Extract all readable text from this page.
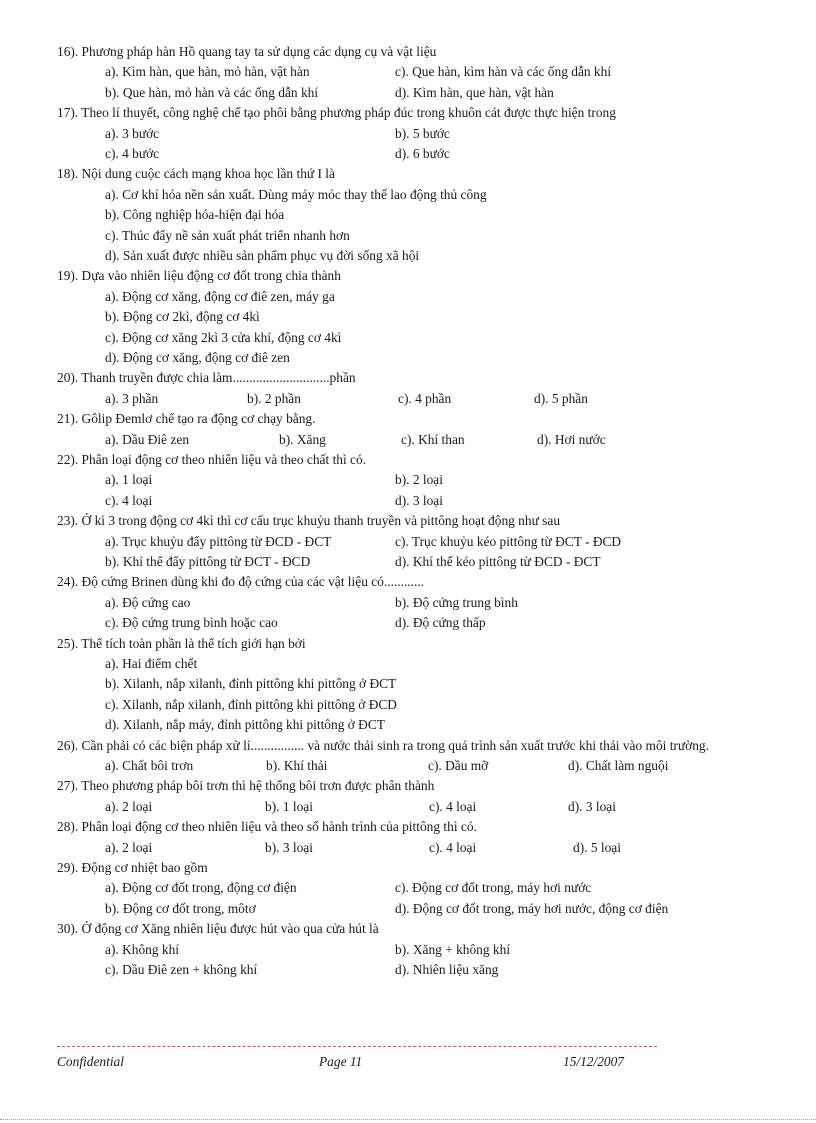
16). Phương pháp hàn Hồ quang tay ta sử dụng các dụng cụ và vật liệu

a). Kìm hàn, que hàn, mỏ hàn, vật hàn	c). Que hàn, kìm hàn và các ống dẫn khí
b). Que hàn, mỏ hàn và các ống dẫn khí	d). Kìm hàn, que hàn, vật hàn

17). Theo lí thuyết, công nghệ chế tạo phôi bằng phương pháp đúc trong khuôn cát được thực hiện trong

a). 3 bước	b). 5 bước
c). 4 bước	d). 6 bước

18). Nội dung cuộc cách mạng khoa học lần thứ I là

a). Cơ khí hóa nền sản xuất. Dùng máy móc thay thế lao động thủ công
b). Công nghiệp hóa-hiện đại hóa
c). Thúc đẩy nề sản xuất phát triển nhanh hơn
d). Sản xuất được nhiều sản phẩm phục vụ đời sống xã hội

19). Dựa vào nhiên liệu động cơ đốt trong chia thành

a). Động cơ xăng, động cơ điê zen, máy ga
b). Động cơ 2kì, động cơ 4kì
c). Động cơ xăng 2kì 3 cửa khí, động cơ 4kì
d). Động cơ xăng, động cơ điê zen

20). Thanh truyền được chia làm.............................phần

a). 3 phần	b). 2 phần	c). 4 phần	d). 5 phần

21). Gôlip Đemlơ chế tạo ra động cơ chạy bằng.

a). Dầu Điê zen	b). Xăng	c). Khí than	d). Hơi nước

22). Phân loại động cơ theo nhiên liệu và theo chất thì có.

a). 1 loại	b). 2 loại
c). 4 loại	d). 3 loại

23). Ở kì 3 trong động cơ 4kì thì cơ cấu trục khuỷu thanh truyền và pittông hoạt động như sau

a). Trục khuỷu đẩy pittông từ ĐCD - ĐCT	c). Trục khuỷu kéo pittông từ ĐCT - ĐCD
b). Khí thể đẩy pittông từ ĐCT - ĐCD	d). Khí thể kéo pittông từ ĐCD - ĐCT

24). Độ cứng Brinen dùng khi đo độ cứng của các vật liệu có............

a). Độ cứng cao	b). Độ cứng trung bình
c). Độ cứng trung bình hoặc cao	d). Độ cứng thấp

25). Thể tích toàn phần là thể tích giới hạn bởi

a). Hai điểm chết
b). Xilanh, nắp xilanh, đỉnh pittông khi pittông ở ĐCT
c). Xilanh, nắp xilanh, đỉnh pittông khi pittông ở ĐCD
d). Xilanh, nắp máy, đỉnh pittông khi pittông ở ĐCT

26). Cần phải có các biện pháp xử lí................ và nước thải sinh ra trong quá trình sản xuất trước khi thải vào môi trường.

a). Chất bôi trơn	b). Khí thải	c). Dầu mỡ	d). Chất làm nguội

27). Theo phương pháp bôi trơn thì hệ thống bôi trơn được phân thành

a). 2 loại	b). 1 loại	c). 4 loại	d). 3 loại

28). Phân loại động cơ theo nhiên liệu và theo số hành trình của pittông thì có.

a). 2 loại	b). 3 loại	c). 4 loại	d). 5 loại

29). Động cơ nhiệt bao gồm

a). Động cơ đốt trong, động cơ điện	c). Động cơ đốt trong, máy hơi nước
b). Động cơ đốt trong, môtơ	d). Động cơ đốt trong, máy hơi nước, động cơ điện

30). Ở động cơ Xăng nhiên liệu được hút vào qua cửa hút là

a). Không khí	b). Xăng + không khí
c). Dầu Điê zen + không khí	d). Nhiên liệu xăng
Confidential	Page 11	15/12/2007
